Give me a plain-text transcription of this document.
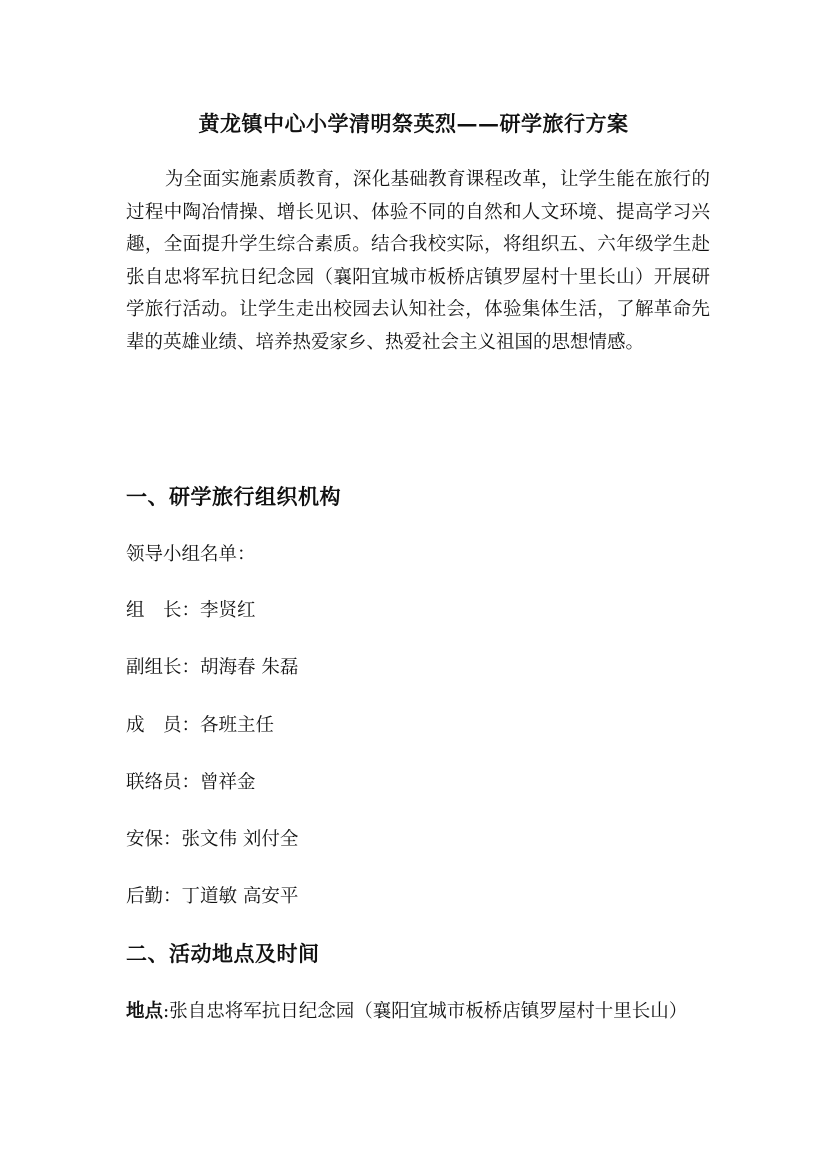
黄龙镇中心小学清明祭英烈——研学旅行方案

为全面实施素质教育，深化基础教育课程改革，让学生能在旅行的过程中陶冶情操、增长见识、体验不同的自然和人文环境、提高学习兴趣，全面提升学生综合素质。结合我校实际，将组织五、六年级学生赴张自忠将军抗日纪念园（襄阳宜城市板桥店镇罗屋村十里长山）开展研学旅行活动。让学生走出校园去认知社会，体验集体生活，了解革命先辈的英雄业绩、培养热爱家乡、热爱社会主义祖国的思想情感。

一、研学旅行组织机构

领导小组名单：

组　长：李贤红

副组长：胡海春 朱磊

成　员：各班主任

联络员：曾祥金

安保：张文伟 刘付全

后勤：丁道敏 高安平

二、活动地点及时间

地点:张自忠将军抗日纪念园（襄阳宜城市板桥店镇罗屋村十里长山）
